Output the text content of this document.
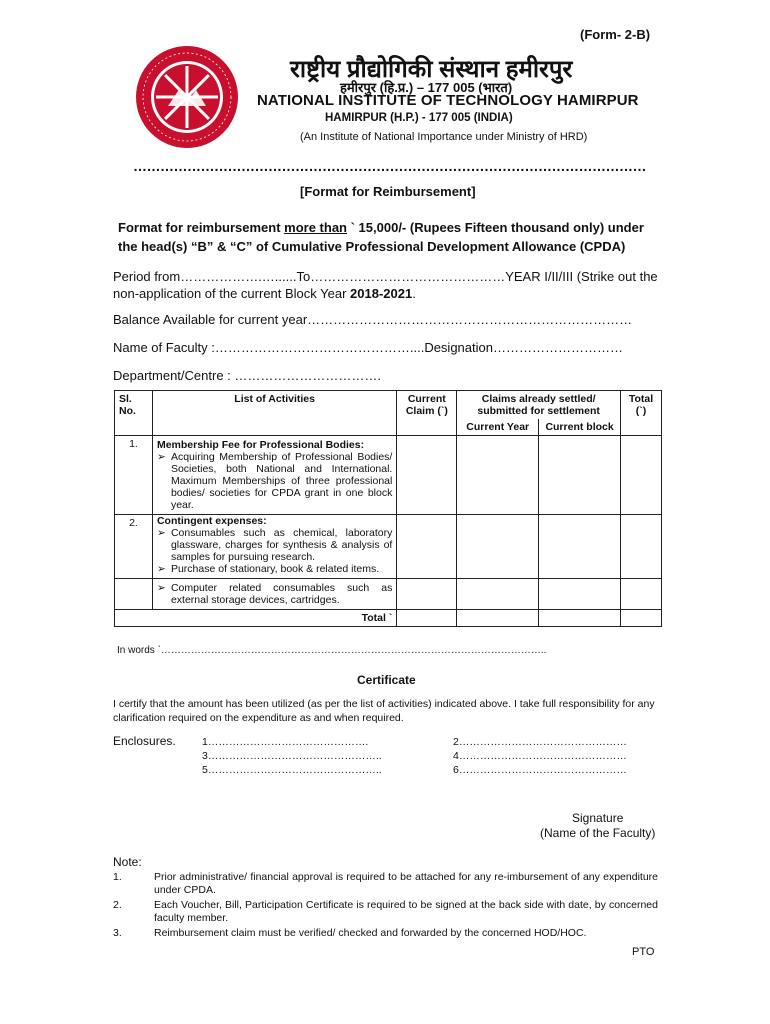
(Form- 2-B)
राष्ट्रीय प्रौद्योगिकी संस्थान हमीरपुर
हमीरपुर (हि.प्र.) – 177 005 (भारत)
NATIONAL INSTITUTE OF TECHNOLOGY HAMIRPUR
HAMIRPUR (H.P.) - 177 005 (INDIA)
(An Institute of National Importance under Ministry of HRD)
……………………………………………………………………………………………………
[Format for Reimbursement]
Format for reimbursement more than ` 15,000/- (Rupees Fifteen thousand only) under the head(s) “B” & “C” of Cumulative Professional Development Allowance (CPDA)
Period from……………….…......To………………………………………YEAR I/II/III (Strike out the non-application of the current Block Year 2018-2021.
Balance Available for current year…………………………………………………………………
Name of Faculty :………………………………………....Designation…………………………
Department/Centre : …………………………….
Sl. No.	List of Activities	Current Claim (`)	
Claims already settled/ submitted for settlement
Current Year	Current block
	Total (`)

1.	Membership Fee for Professional Bodies:
➢ Acquiring Membership of Professional Bodies/ Societies, both National and International. Maximum Memberships of three professional bodies/ societies for CPDA grant in one block year.

2.	Contingent expenses:
➢ Consumables such as chemical, laboratory glassware, charges for synthesis & analysis of samples for pursuing research.
➢ Purchase of stationary, book & related items.

➢ Computer related consumables such as external storage devices, cartridges.

Total `				
In words `……………………………………………………………………………………………………..
Certificate
I certify that the amount has been utilized (as per the list of activities) indicated above. I take full responsibility for any clarification required on the expenditure as and when required.
Enclosures.	1……………………………………….	2…………………………………………
3…………………………………………..	4…………………………………………
5…………………………………………..	6…………………………………………
Signature
(Name of the Faculty)
Note:
1.	Prior administrative/ financial approval is required to be attached for any re-imbursement of any expenditure under CPDA.
2.	Each Voucher, Bill, Participation Certificate is required to be signed at the back side with date, by concerned faculty member.
3.	Reimbursement claim must be verified/ checked and forwarded by the concerned HOD/HOC.
PTO
